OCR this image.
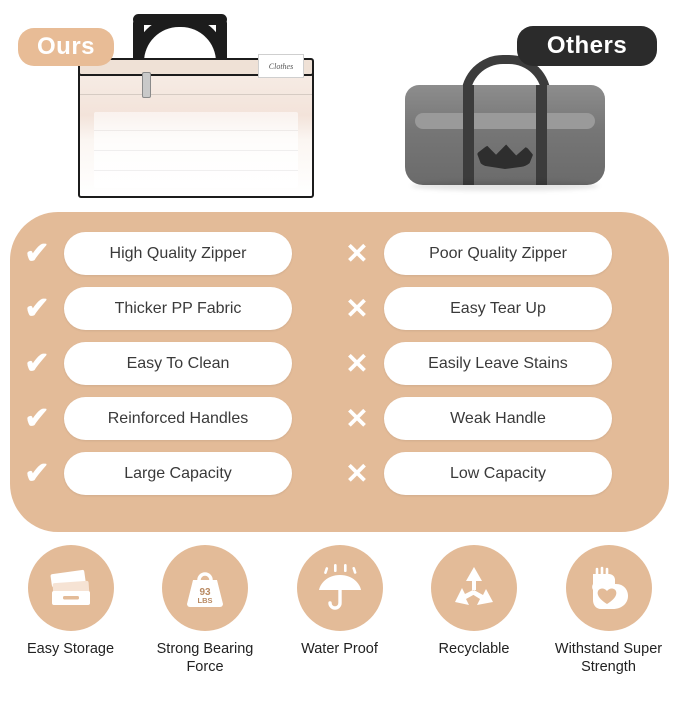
Clothes
Ours	Others
✔	High Quality Zipper	✕	Poor Quality Zipper
✔	Thicker PP Fabric	✕	Easy Tear Up
✔	Easy To Clean	✕	Easily Leave Stains
✔	Reinforced Handles	✕	Weak Handle
✔	Large Capacity	✕	Low Capacity
Easy Storage
93
LBS
Strong Bearing Force
Water Proof	Recyclable	Withstand Super Strength
